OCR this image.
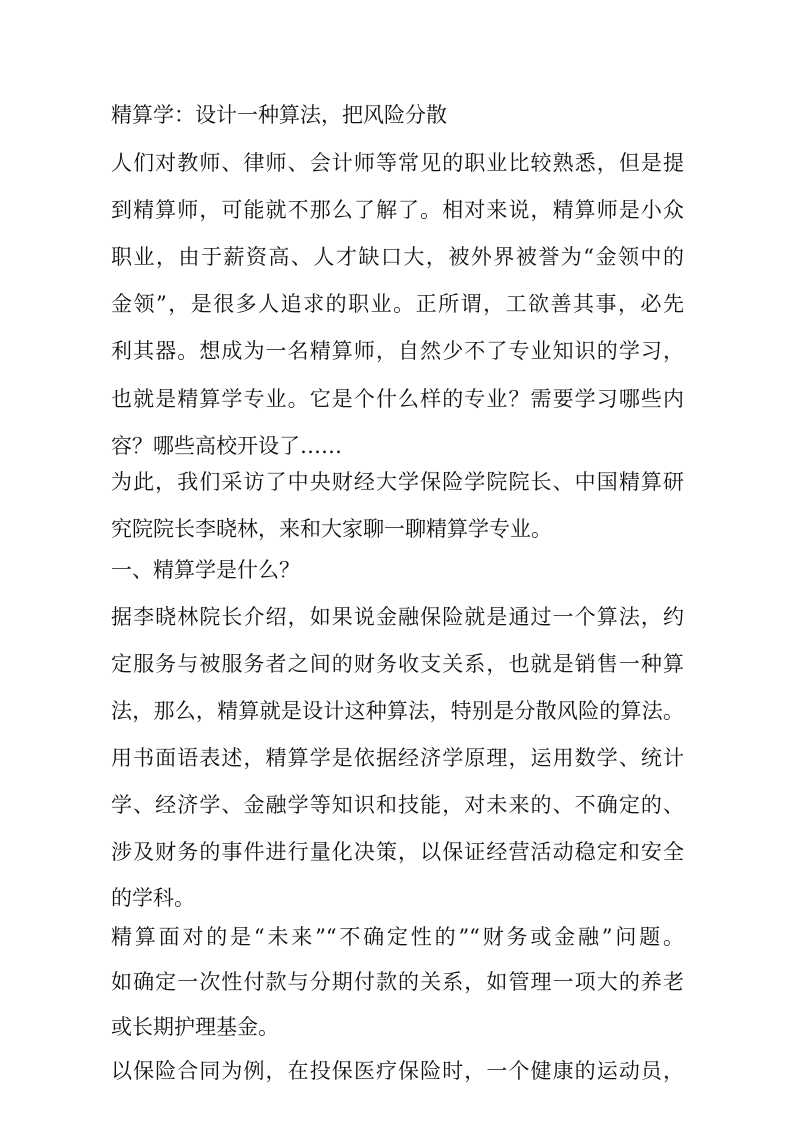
精算学：设计一种算法，把风险分散
人们对教师、律师、会计师等常见的职业比较熟悉，但是提
到精算师，可能就不那么了解了。相对来说，精算师是小众
职业，由于薪资高、人才缺口大，被外界被誉为“金领中的
金领”，是很多人追求的职业。正所谓，工欲善其事，必先
利其器。想成为一名精算师，自然少不了专业知识的学习，
也就是精算学专业。它是个什么样的专业？需要学习哪些内
容？哪些高校开设了……
为此，我们采访了中央财经大学保险学院院长、中国精算研
究院院长李晓林，来和大家聊一聊精算学专业。
一、精算学是什么？
据李晓林院长介绍，如果说金融保险就是通过一个算法，约
定服务与被服务者之间的财务收支关系，也就是销售一种算
法，那么，精算就是设计这种算法，特别是分散风险的算法。
用书面语表述，精算学是依据经济学原理，运用数学、统计
学、经济学、金融学等知识和技能，对未来的、不确定的、
涉及财务的事件进行量化决策，以保证经营活动稳定和安全
的学科。
精算面对的是“未来”“不确定性的”“财务或金融”问题。
如确定一次性付款与分期付款的关系，如管理一项大的养老
或长期护理基金。
以保险合同为例，在投保医疗保险时，一个健康的运动员，
